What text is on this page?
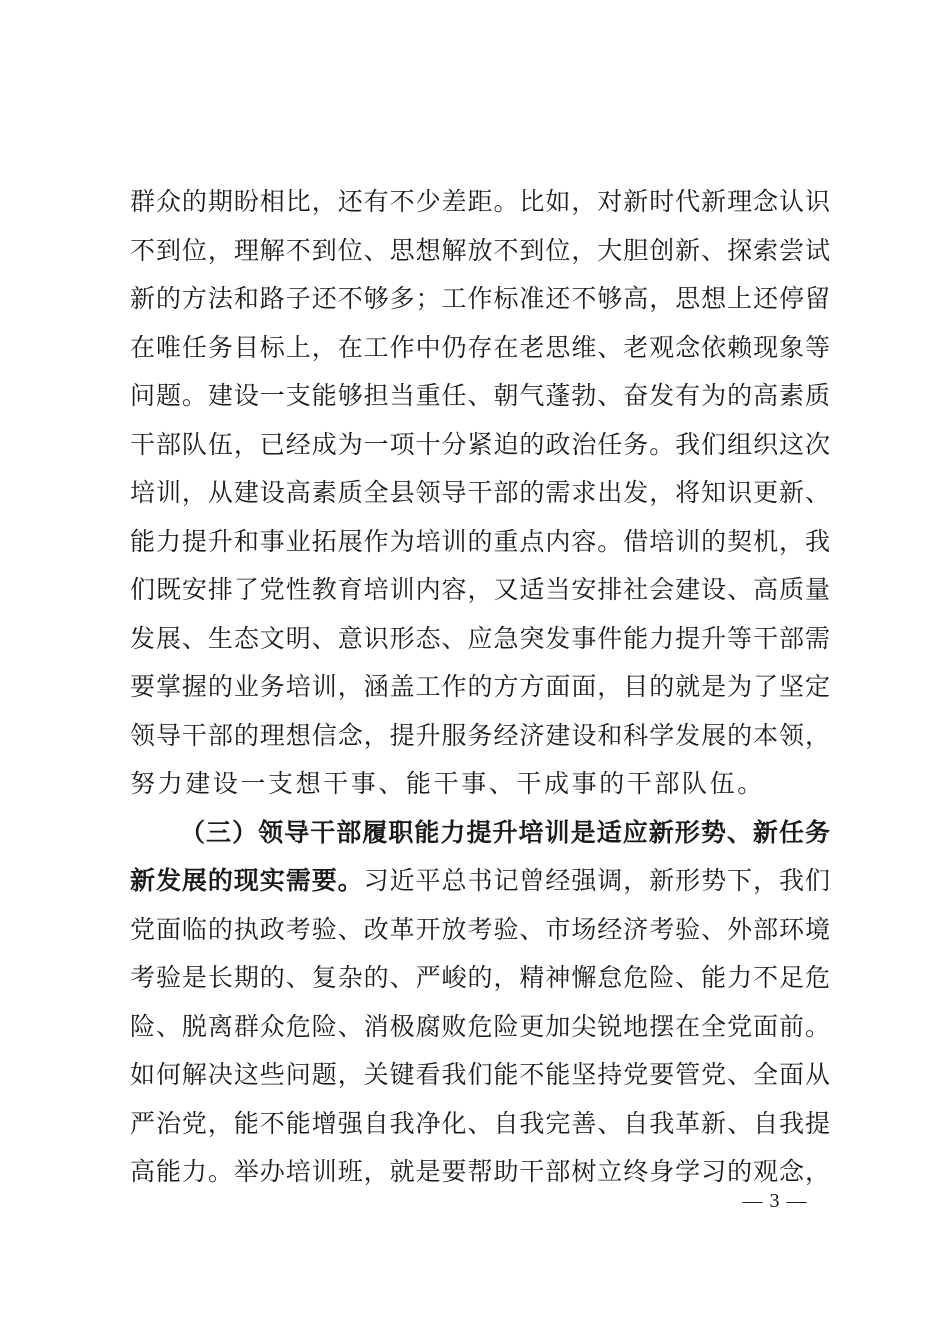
群众的期盼相比，还有不少差距。比如，对新时代新理念认识
不到位，理解不到位、思想解放不到位，大胆创新、探索尝试
新的方法和路子还不够多；工作标准还不够高，思想上还停留
在唯任务目标上，在工作中仍存在老思维、老观念依赖现象等
问题。建设一支能够担当重任、朝气蓬勃、奋发有为的高素质
干部队伍，已经成为一项十分紧迫的政治任务。我们组织这次
培训，从建设高素质全县领导干部的需求出发，将知识更新、
能力提升和事业拓展作为培训的重点内容。借培训的契机，我
们既安排了党性教育培训内容，又适当安排社会建设、高质量
发展、生态文明、意识形态、应急突发事件能力提升等干部需
要掌握的业务培训，涵盖工作的方方面面，目的就是为了坚定
领导干部的理想信念，提升服务经济建设和科学发展的本领，
努力建设一支想干事、能干事、干成事的干部队伍。
（三）领导干部履职能力提升培训是适应新形势、新任务
新发展的现实需要。习近平总书记曾经强调，新形势下，我们
党面临的执政考验、改革开放考验、市场经济考验、外部环境
考验是长期的、复杂的、严峻的，精神懈怠危险、能力不足危
险、脱离群众危险、消极腐败危险更加尖锐地摆在全党面前。
如何解决这些问题，关键看我们能不能坚持党要管党、全面从
严治党，能不能增强自我净化、自我完善、自我革新、自我提
高能力。举办培训班，就是要帮助干部树立终身学习的观念，
— 3 —
